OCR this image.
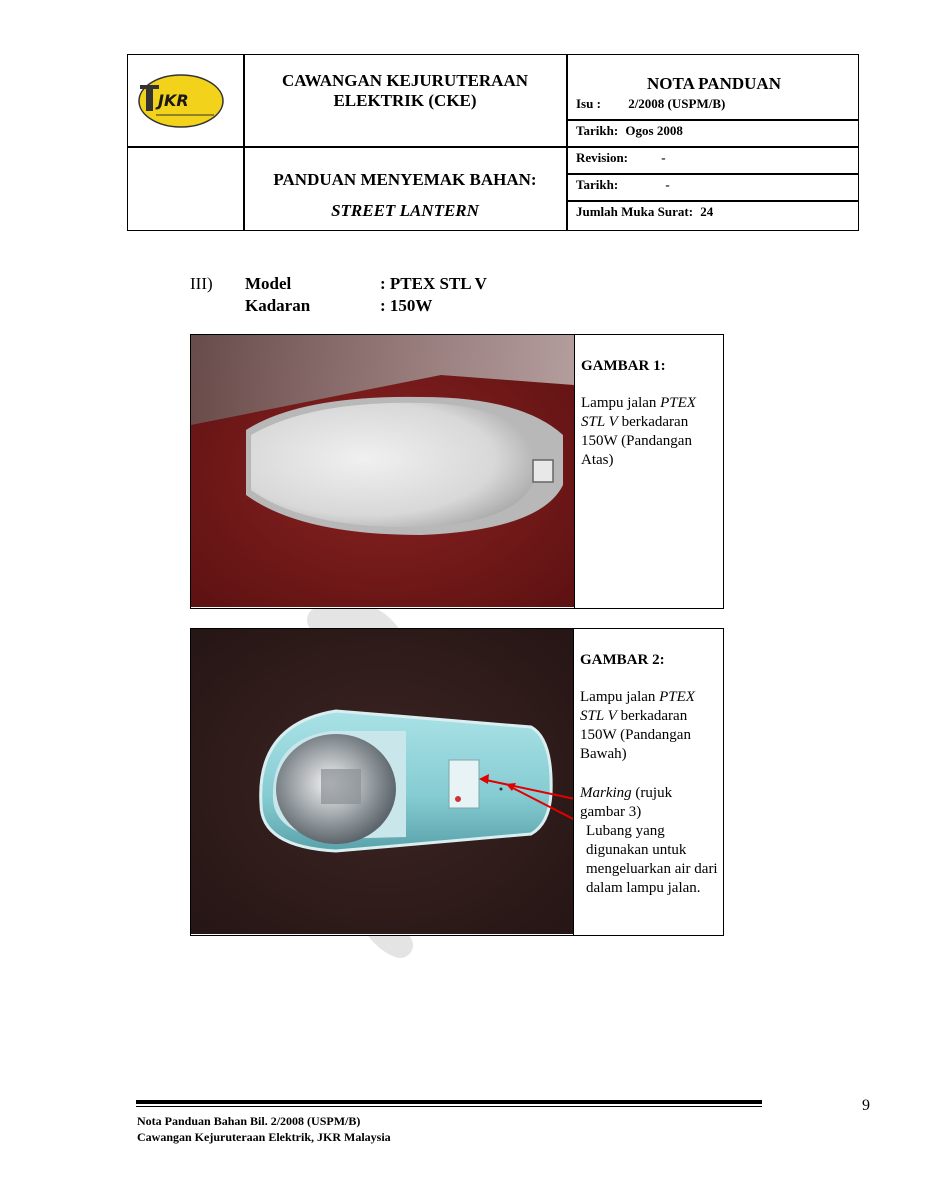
JKR
CAWANGAN KEJURUTERAAN
ELEKTRIK (CKE)
NOTA PANDUAN
Isu : 2/2008 (USPM/B)
Tarikh: Ogos 2008
PANDUAN MENYEMAK BAHAN:
STREET LANTERN
Revision:	-
Tarikh:	-
Jumlah Muka Surat: 24
III) Model	: PTEX STL V
Kadaran	: 150W
GAMBAR 1:
Lampu jalan PTEX STL V berkadaran 150W (Pandangan Atas)
GAMBAR 2:
Lampu jalan PTEX STL V berkadaran 150W (Pandangan Bawah)
Marking (rujuk gambar 3)
Lubang yang digunakan untuk mengeluarkan air dari dalam lampu jalan.
Nota Panduan Bahan Bil. 2/2008 (USPM/B)
Cawangan Kejuruteraan Elektrik, JKR Malaysia
9
